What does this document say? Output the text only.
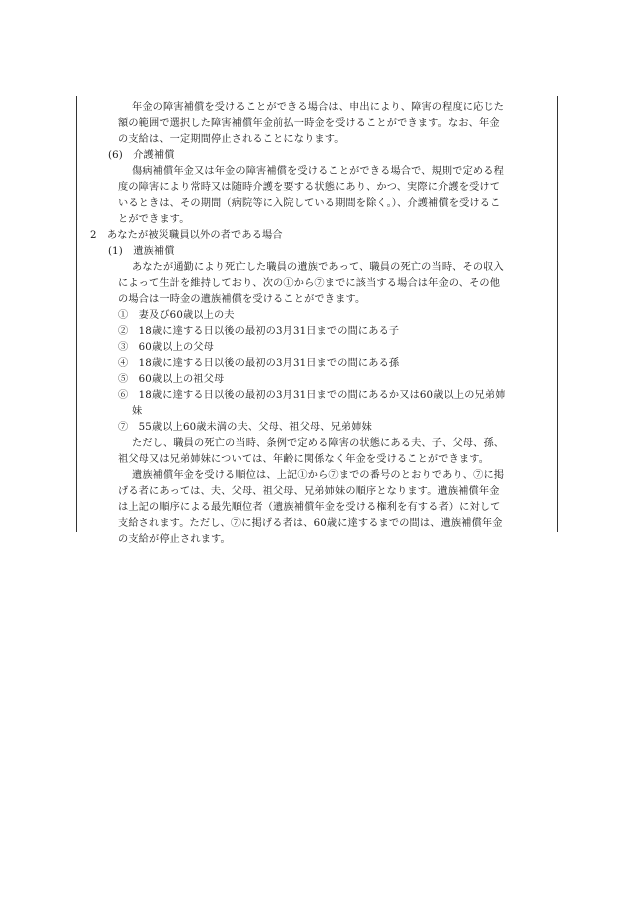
年金の障害補償を受けることができる場合は、申出により、障害の程度に応じた
額の範囲で選択した障害補償年金前払一時金を受けることができます。なお、年金
の支給は、一定期間停止されることになります。
(6)　介護補償
傷病補償年金又は年金の障害補償を受けることができる場合で、規則で定める程
度の障害により常時又は随時介護を要する状態にあり、かつ、実際に介護を受けて
いるときは、その期間（病院等に入院している期間を除く。）、介護補償を受けるこ
とができます。
2　あなたが被災職員以外の者である場合
(1)　遺族補償
あなたが通勤により死亡した職員の遺族であって、職員の死亡の当時、その収入
によって生計を維持しており、次の①から⑦までに該当する場合は年金の、その他
の場合は一時金の遺族補償を受けることができます。
①　妻及び60歳以上の夫
②　18歳に達する日以後の最初の3月31日までの間にある子
③　60歳以上の父母
④　18歳に達する日以後の最初の3月31日までの間にある孫
⑤　60歳以上の祖父母
⑥　18歳に達する日以後の最初の3月31日までの間にあるか又は60歳以上の兄弟姉
妹
⑦　55歳以上60歳未満の夫、父母、祖父母、兄弟姉妹
ただし、職員の死亡の当時、条例で定める障害の状態にある夫、子、父母、孫、
祖父母又は兄弟姉妹については、年齢に関係なく年金を受けることができます。
遺族補償年金を受ける順位は、上記①から⑦までの番号のとおりであり、⑦に掲
げる者にあっては、夫、父母、祖父母、兄弟姉妹の順序となります。遺族補償年金
は上記の順序による最先順位者（遺族補償年金を受ける権利を有する者）に対して
支給されます。ただし、⑦に掲げる者は、60歳に達するまでの間は、遺族補償年金
の支給が停止されます。
